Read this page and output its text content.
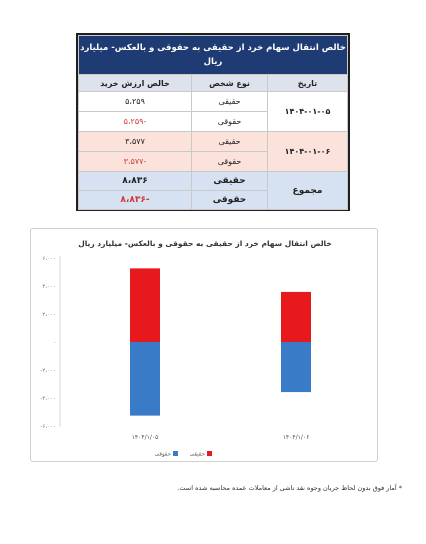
خالص انتقال سهام خرد از حقیقی به حقوقی و بالعکس- میلیارد ریال		
تاریخ	نوع شخص	خالص ارزش خرید
۱۴۰۴-۰۱-۰۵	حقیقی	۵،۲۵۹
	حقوقی	-۵،۲۵۹
۱۴۰۴-۰۱-۰۶	حقیقی	۳،۵۷۷
	حقوقی	-۳،۵۷۷
مجموع	حقیقی	۸،۸۳۶
	حقوقی	-۸،۸۳۶
خالص انتقال سهام خرد از حقیقی به حقوقی و بالعکس- میلیارد ریال
۶،۰۰۰
۴،۰۰۰
۲،۰۰۰
۰
-۲،۰۰۰
-۴،۰۰۰
-۶،۰۰۰
۱۴۰۴/۱/۰۵	۱۴۰۴/۱/۰۶
حقیقی
حقوقی
* آمار فوق بدون لحاظ جریان وجوه نقد ناشی از معاملات عمده محاسبه شده است.
